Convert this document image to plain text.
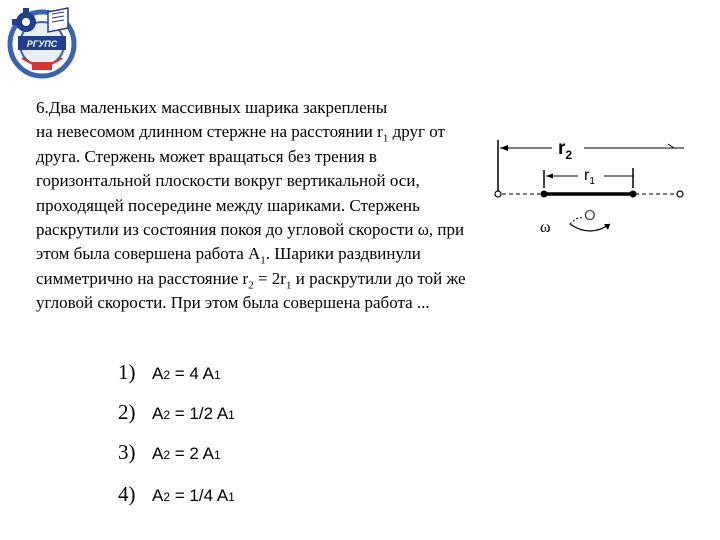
РГУПС

6.Два маленьких массивных шарика закреплены
на невесомом длинном стержне на расстоянии $r_1$ друг от друга. Стержень может вращаться без трения в горизонтальной плоскости вокруг вертикальной оси, проходящей посередине между шариками. Стержень раскрутили из состояния покоя до угловой скорости ω, при этом была совершена работа $А_1$. Шарики раздвинули симметрично на расстояние $r_2 = 2r_1$ и раскрутили до той же угловой скорости. При этом была совершена работа ...

$r_2$
$r_1$
O
ω
1) A2 = 4 A1
2) A2 = 1/2 A1
3) A2 = 2 A1
4) A2 = 1/4 A1
